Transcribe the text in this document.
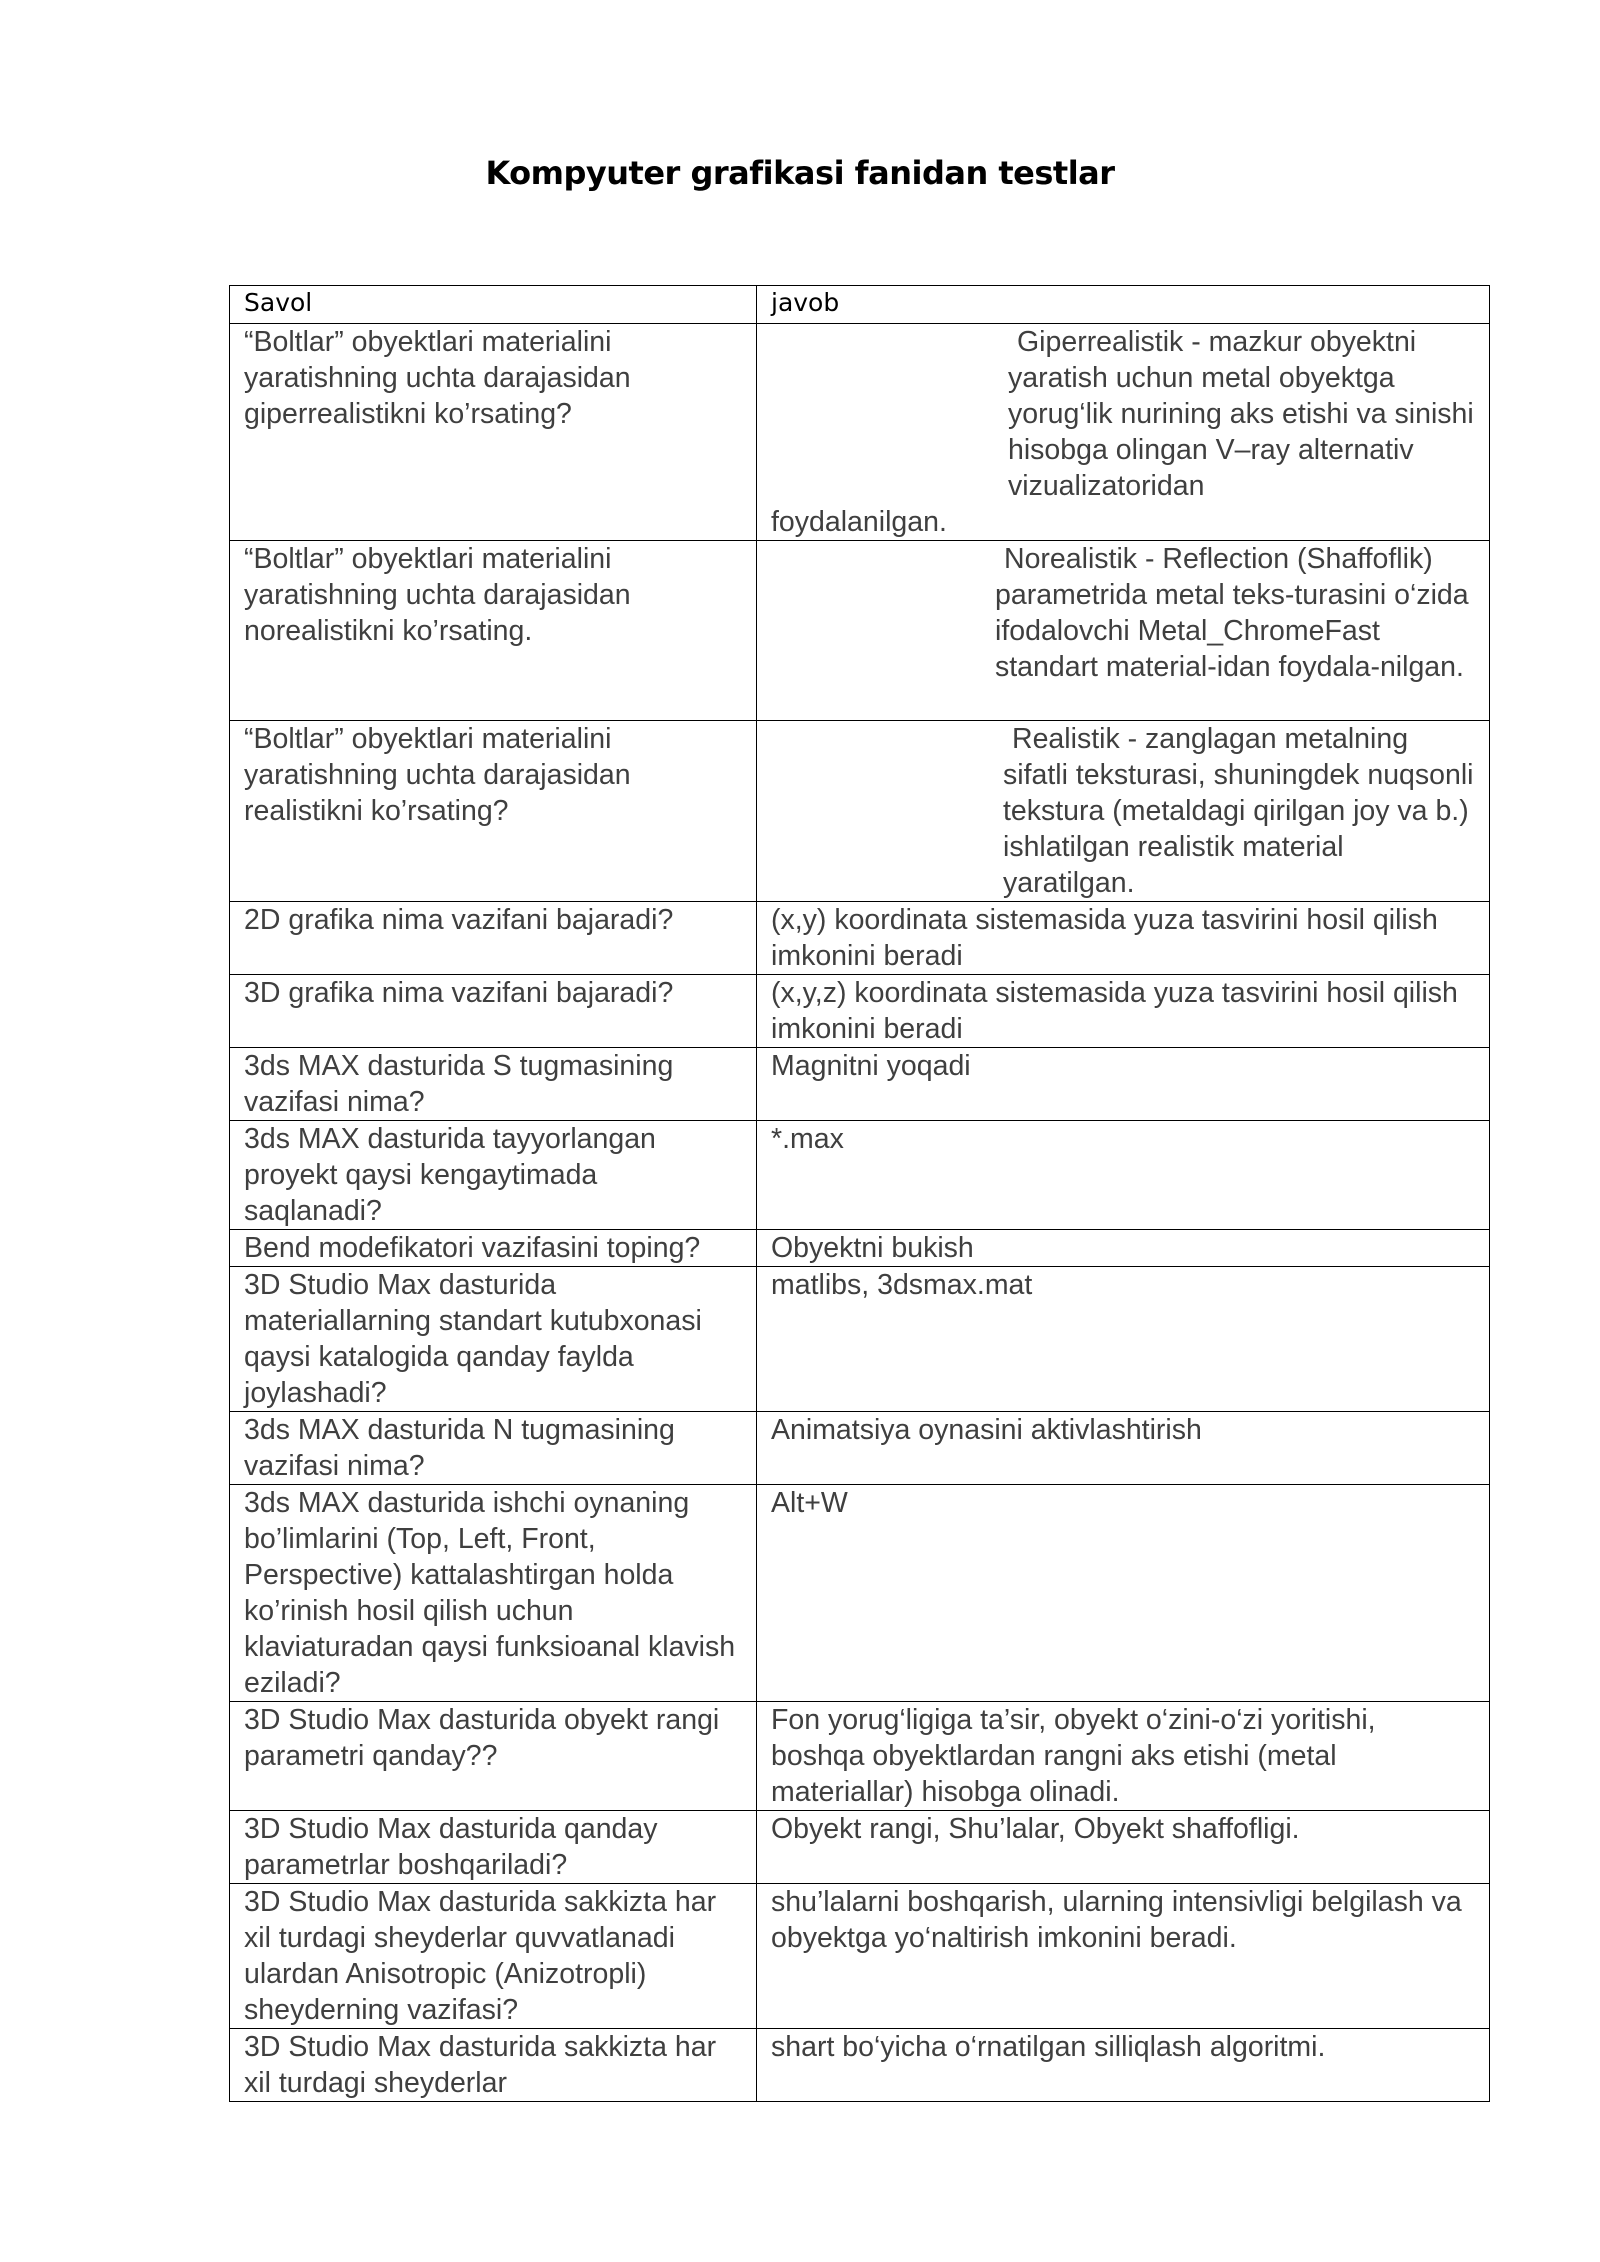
Kompyuter grafikasi fanidan testlar
Savol	javob
“Boltlar” obyektlari materialini yaratishning uchta darajasidan giperrealistikni ko’rsating?	Giperrealistik - mazkur obyektni yaratish uchun metal obyektga yorug‘lik nurining aks etishi va sinishi hisobga olingan V–ray alternativ vizualizatoridan
foydalanilgan.

“Boltlar” obyektlari materialini yaratishning uchta darajasidan norealistikni ko’rsating.	Norealistik - Reflection (Shaffoflik) parametrida metal teks-turasini o‘zida ifodalovchi Metal_ChromeFast standart material-idan foydala-nilgan.

“Boltlar” obyektlari materialini yaratishning uchta darajasidan realistikni ko’rsating?	Realistik - zanglagan metalning sifatli teksturasi, shuningdek nuqsonli tekstura (metaldagi qirilgan joy va b.) ishlatilgan realistik material yaratilgan.

2D grafika nima vazifani bajaradi?	(x,y) koordinata sistemasida yuza tasvirini hosil qilish imkonini beradi
3D grafika nima vazifani bajaradi?	(x,y,z) koordinata sistemasida yuza tasvirini hosil qilish imkonini beradi
3ds MAX dasturida S tugmasining vazifasi nima?	Magnitni yoqadi
3ds MAX dasturida tayyorlangan proyekt qaysi kengaytimada saqlanadi?	*.max
Bend modefikatori vazifasini toping?	Obyektni bukish
3D Studio Max dasturida materiallarning standart kutubxonasi qaysi katalogida qanday faylda joylashadi?	matlibs, 3dsmax.mat
3ds MAX dasturida N tugmasining vazifasi nima?	Animatsiya oynasini aktivlashtirish
3ds MAX dasturida ishchi oynaning bo’limlarini (Top, Left, Front, Perspective) kattalashtirgan holda ko’rinish hosil qilish uchun klaviaturadan qaysi funksioanal klavish eziladi?	Alt+W
3D Studio Max dasturida obyekt rangi parametri qanday??	Fon yorug‘ligiga ta’sir, obyekt o‘zini-o‘zi yoritishi, boshqa obyektlardan rangni aks etishi (metal materiallar) hisobga olinadi.
3D Studio Max dasturida qanday parametrlar boshqariladi?	Obyekt rangi, Shu’lalar, Obyekt shaffofligi.
3D Studio Max dasturida sakkizta har xil turdagi sheyderlar quvvatlanadi ulardan Anisotropic (Anizotropli) sheyderning vazifasi?	shu’lalarni boshqarish, ularning intensivligi belgilash va obyektga yo‘naltirish imkonini beradi.
3D Studio Max dasturida sakkizta har xil turdagi sheyderlar	shart bo‘yicha o‘rnatilgan silliqlash algoritmi.
